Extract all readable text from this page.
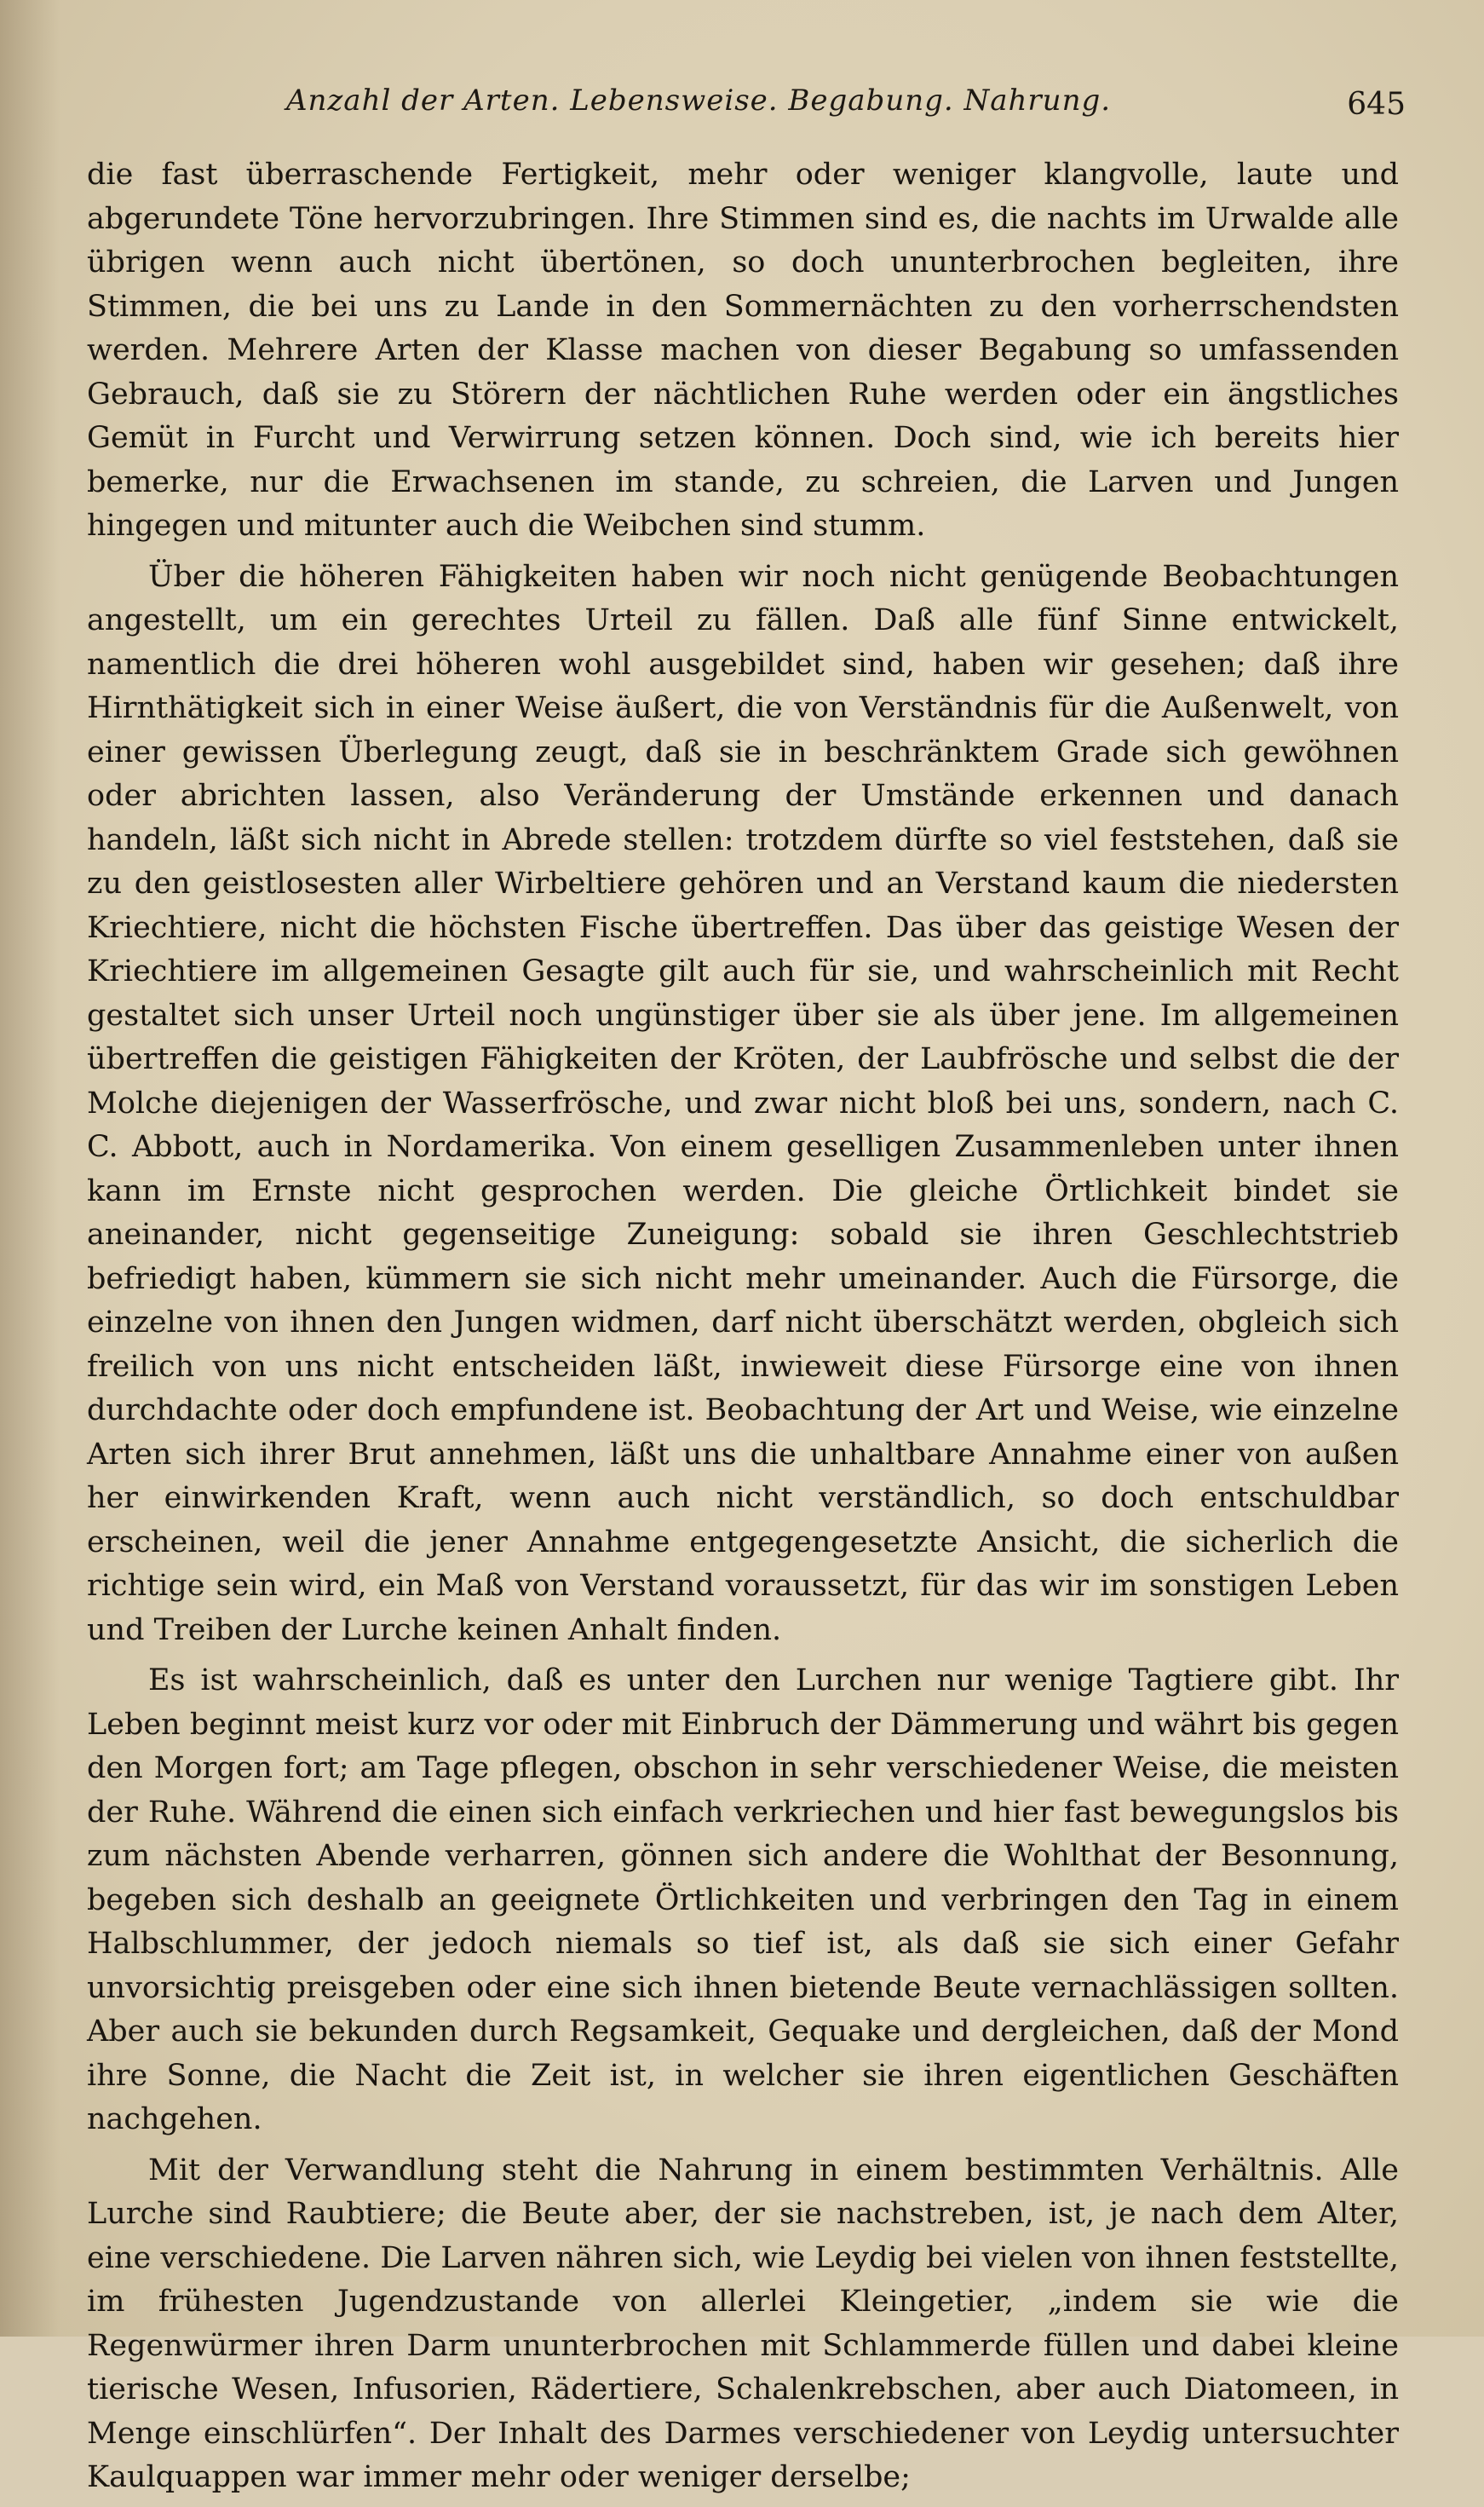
Anzahl der Arten. Lebensweise. Begabung. Nahrung.	645

die fast überraschende Fertigkeit, mehr oder weniger klangvolle, laute und abgerundete Töne hervorzubringen. Ihre Stimmen sind es, die nachts im Urwalde alle übrigen wenn auch nicht übertönen, so doch ununterbrochen begleiten, ihre Stimmen, die bei uns zu Lande in den Sommernächten zu den vorherrschendsten werden. Mehrere Arten der Klasse machen von dieser Begabung so umfassenden Gebrauch, daß sie zu Störern der nächtlichen Ruhe werden oder ein ängstliches Gemüt in Furcht und Verwirrung setzen können. Doch sind, wie ich bereits hier bemerke, nur die Erwachsenen im stande, zu schreien, die Larven und Jungen hingegen und mitunter auch die Weibchen sind stumm.

Über die höheren Fähigkeiten haben wir noch nicht genügende Beobachtungen angestellt, um ein gerechtes Urteil zu fällen. Daß alle fünf Sinne entwickelt, namentlich die drei höheren wohl ausgebildet sind, haben wir gesehen; daß ihre Hirnthätigkeit sich in einer Weise äußert, die von Verständnis für die Außenwelt, von einer gewissen Überlegung zeugt, daß sie in beschränktem Grade sich gewöhnen oder abrichten lassen, also Veränderung der Umstände erkennen und danach handeln, läßt sich nicht in Abrede stellen: trotzdem dürfte so viel feststehen, daß sie zu den geistlosesten aller Wirbeltiere gehören und an Verstand kaum die niedersten Kriechtiere, nicht die höchsten Fische übertreffen. Das über das geistige Wesen der Kriechtiere im allgemeinen Gesagte gilt auch für sie, und wahrscheinlich mit Recht gestaltet sich unser Urteil noch ungünstiger über sie als über jene. Im allgemeinen übertreffen die geistigen Fähigkeiten der Kröten, der Laubfrösche und selbst die der Molche diejenigen der Wasserfrösche, und zwar nicht bloß bei uns, sondern, nach C. C. Abbott, auch in Nordamerika. Von einem geselligen Zusammenleben unter ihnen kann im Ernste nicht gesprochen werden. Die gleiche Örtlichkeit bindet sie aneinander, nicht gegenseitige Zuneigung: sobald sie ihren Geschlechtstrieb befriedigt haben, kümmern sie sich nicht mehr umeinander. Auch die Fürsorge, die einzelne von ihnen den Jungen widmen, darf nicht überschätzt werden, obgleich sich freilich von uns nicht entscheiden läßt, inwieweit diese Fürsorge eine von ihnen durchdachte oder doch empfundene ist. Beobachtung der Art und Weise, wie einzelne Arten sich ihrer Brut annehmen, läßt uns die unhaltbare Annahme einer von außen her einwirkenden Kraft, wenn auch nicht verständlich, so doch entschuldbar erscheinen, weil die jener Annahme entgegengesetzte Ansicht, die sicherlich die richtige sein wird, ein Maß von Verstand voraussetzt, für das wir im sonstigen Leben und Treiben der Lurche keinen Anhalt finden.

Es ist wahrscheinlich, daß es unter den Lurchen nur wenige Tagtiere gibt. Ihr Leben beginnt meist kurz vor oder mit Einbruch der Dämmerung und währt bis gegen den Morgen fort; am Tage pflegen, obschon in sehr verschiedener Weise, die meisten der Ruhe. Während die einen sich einfach verkriechen und hier fast bewegungslos bis zum nächsten Abende verharren, gönnen sich andere die Wohlthat der Besonnung, begeben sich deshalb an geeignete Örtlichkeiten und verbringen den Tag in einem Halbschlummer, der jedoch niemals so tief ist, als daß sie sich einer Gefahr unvorsichtig preisgeben oder eine sich ihnen bietende Beute vernachlässigen sollten. Aber auch sie bekunden durch Regsamkeit, Gequake und dergleichen, daß der Mond ihre Sonne, die Nacht die Zeit ist, in welcher sie ihren eigentlichen Geschäften nachgehen.

Mit der Verwandlung steht die Nahrung in einem bestimmten Verhältnis. Alle Lurche sind Raubtiere; die Beute aber, der sie nachstreben, ist, je nach dem Alter, eine verschiedene. Die Larven nähren sich, wie Leydig bei vielen von ihnen feststellte, im frühesten Jugendzustande von allerlei Kleingetier, „indem sie wie die Regenwürmer ihren Darm ununterbrochen mit Schlammerde füllen und dabei kleine tierische Wesen, Infusorien, Rädertiere, Schalenkrebschen, aber auch Diatomeen, in Menge einschlürfen“. Der Inhalt des Darmes verschiedener von Leydig untersuchter Kaulquappen war immer mehr oder weniger derselbe;
